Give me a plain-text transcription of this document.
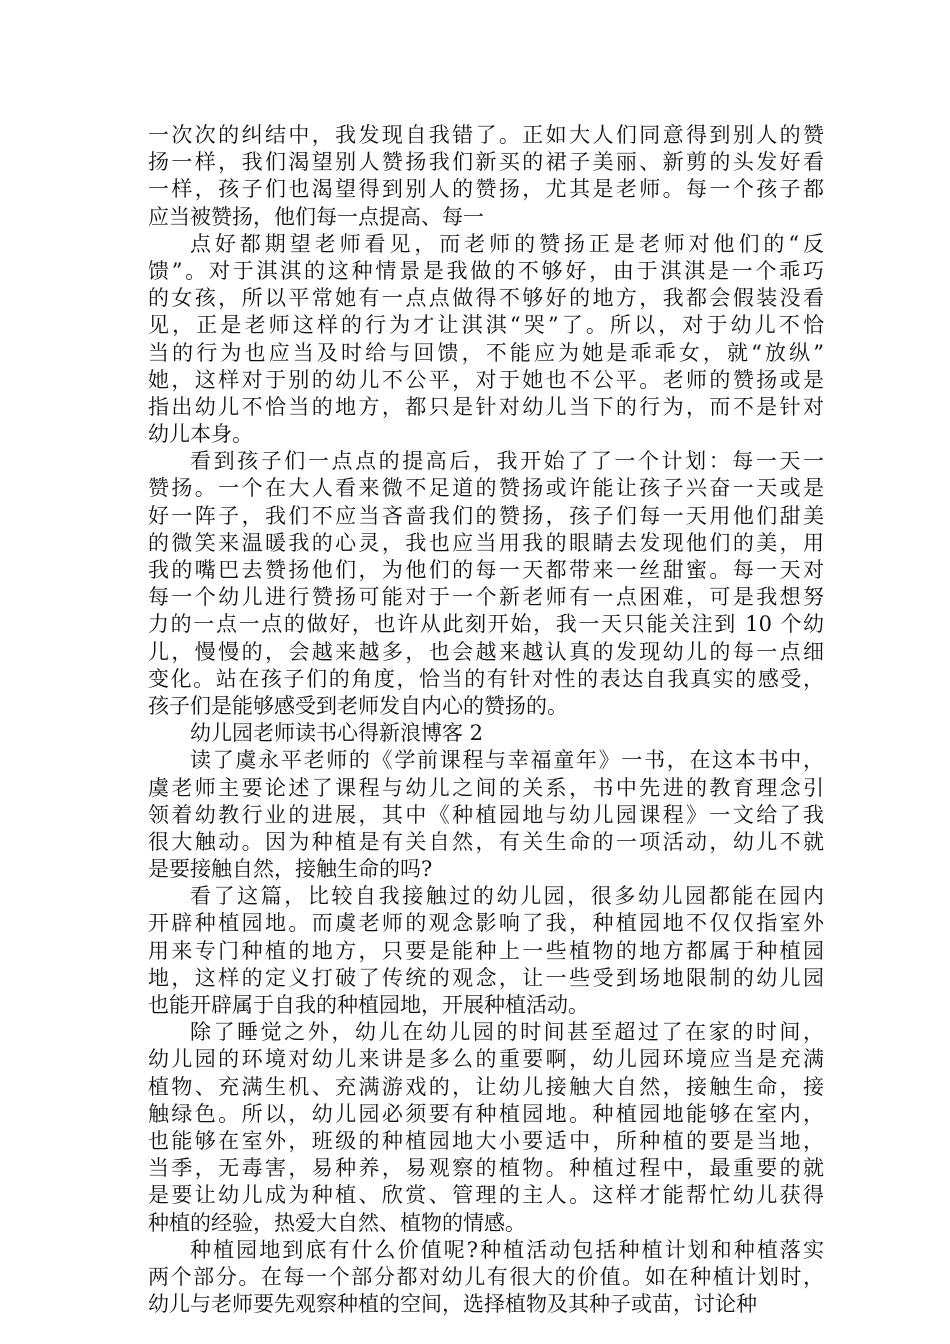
一次次的纠结中，我发现自我错了。正如大人们同意得到别人的赞
扬一样，我们渴望别人赞扬我们新买的裙子美丽、新剪的头发好看
一样，孩子们也渴望得到别人的赞扬，尤其是老师。每一个孩子都
应当被赞扬，他们每一点提高、每一
点好都期望老师看见，而老师的赞扬正是老师对他们的“反
馈”。对于淇淇的这种情景是我做的不够好，由于淇淇是一个乖巧
的女孩，所以平常她有一点点做得不够好的地方，我都会假装没看
见，正是老师这样的行为才让淇淇“哭”了。所以，对于幼儿不恰
当的行为也应当及时给与回馈，不能应为她是乖乖女，就“放纵”
她，这样对于别的幼儿不公平，对于她也不公平。老师的赞扬或是
指出幼儿不恰当的地方，都只是针对幼儿当下的行为，而不是针对
幼儿本身。
看到孩子们一点点的提高后，我开始了了一个计划：每一天一
赞扬。一个在大人看来微不足道的赞扬或许能让孩子兴奋一天或是
好一阵子，我们不应当吝啬我们的赞扬，孩子们每一天用他们甜美
的微笑来温暖我的心灵，我也应当用我的眼睛去发现他们的美，用
我的嘴巴去赞扬他们，为他们的每一天都带来一丝甜蜜。每一天对
每一个幼儿进行赞扬可能对于一个新老师有一点困难，可是我想努
力的一点一点的做好，也许从此刻开始，我一天只能关注到 10 个幼
儿，慢慢的，会越来越多，也会越来越认真的发现幼儿的每一点细
变化。站在孩子们的角度，恰当的有针对性的表达自我真实的感受，
孩子们是能够感受到老师发自内心的赞扬的。
幼儿园老师读书心得新浪博客 2
读了虞永平老师的《学前课程与幸福童年》一书，在这本书中，
虞老师主要论述了课程与幼儿之间的关系，书中先进的教育理念引
领着幼教行业的进展，其中《种植园地与幼儿园课程》一文给了我
很大触动。因为种植是有关自然，有关生命的一项活动，幼儿不就
是要接触自然，接触生命的吗?
看了这篇，比较自我接触过的幼儿园，很多幼儿园都能在园内
开辟种植园地。而虞老师的观念影响了我，种植园地不仅仅指室外
用来专门种植的地方，只要是能种上一些植物的地方都属于种植园
地，这样的定义打破了传统的观念，让一些受到场地限制的幼儿园
也能开辟属于自我的种植园地，开展种植活动。
除了睡觉之外，幼儿在幼儿园的时间甚至超过了在家的时间，
幼儿园的环境对幼儿来讲是多么的重要啊，幼儿园环境应当是充满
植物、充满生机、充满游戏的，让幼儿接触大自然，接触生命，接
触绿色。所以，幼儿园必须要有种植园地。种植园地能够在室内，
也能够在室外，班级的种植园地大小要适中，所种植的要是当地，
当季，无毒害，易种养，易观察的植物。种植过程中，最重要的就
是要让幼儿成为种植、欣赏、管理的主人。这样才能帮忙幼儿获得
种植的经验，热爱大自然、植物的情感。
种植园地到底有什么价值呢?种植活动包括种植计划和种植落实
两个部分。在每一个部分都对幼儿有很大的价值。如在种植计划时，
幼儿与老师要先观察种植的空间，选择植物及其种子或苗，讨论种
